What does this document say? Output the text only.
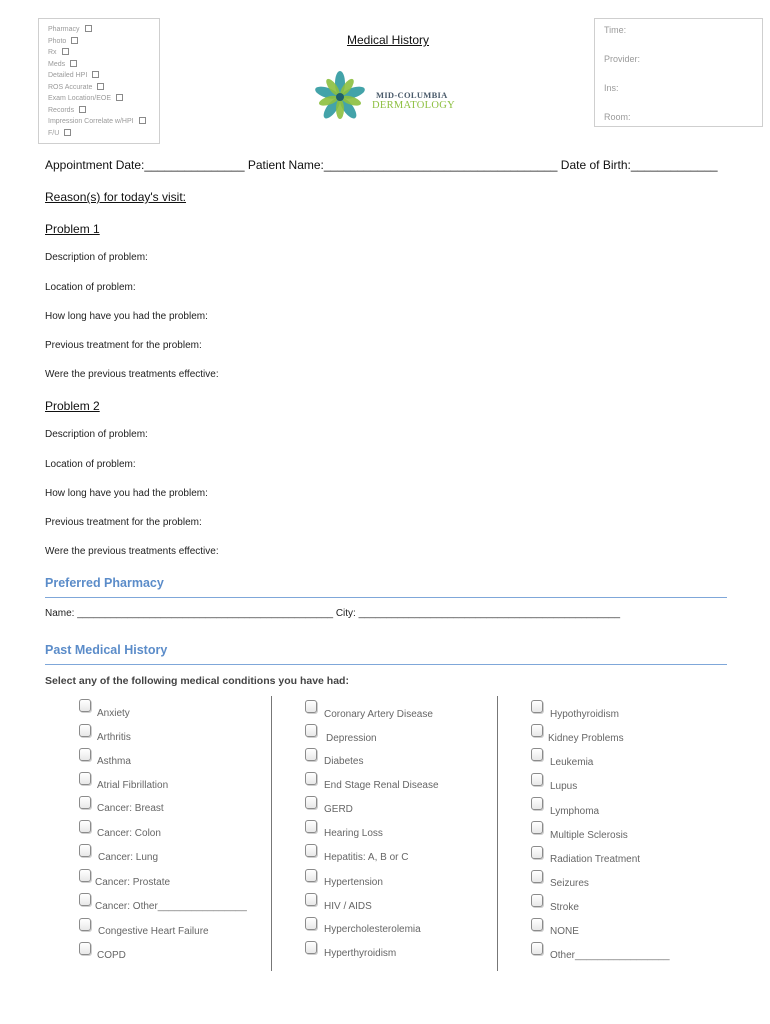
Pharmacy
Photo
Rx
Meds
Detailed HPI
ROS Accurate
Exam Location/EOE
Records
Impression Correlate w/HPI
F/U
Medical History
MID-COLUMBIA
DERMATOLOGY
Time:
Provider:
Ins:
Room:
Appointment Date:_______________ Patient Name:___________________________________ Date of Birth:_____________
Reason(s) for today's visit:
Problem 1
Description of problem:
Location of problem:
How long have you had the problem:
Previous treatment for the problem:
Were the previous treatments effective:
Problem 2
Description of problem:
Location of problem:
How long have you had the problem:
Previous treatment for the problem:
Were the previous treatments effective:
Preferred Pharmacy
Name: ______________________________________________ City: _______________________________________________
Past Medical History
Select any of the following medical conditions you have had:
Anxiety
Arthritis
Asthma
Atrial Fibrillation
Cancer: Breast
Cancer: Colon
Cancer: Lung
Cancer: Prostate
Cancer: Other________________
Congestive Heart Failure
COPD
Coronary Artery Disease
Depression
Diabetes
End Stage Renal Disease
GERD
Hearing Loss
Hepatitis: A, B or C
Hypertension
HIV / AIDS
Hypercholesterolemia
Hyperthyroidism
Hypothyroidism
Kidney Problems
Leukemia
Lupus
Lymphoma
Multiple Sclerosis
Radiation Treatment
Seizures
Stroke
NONE
Other_________________
